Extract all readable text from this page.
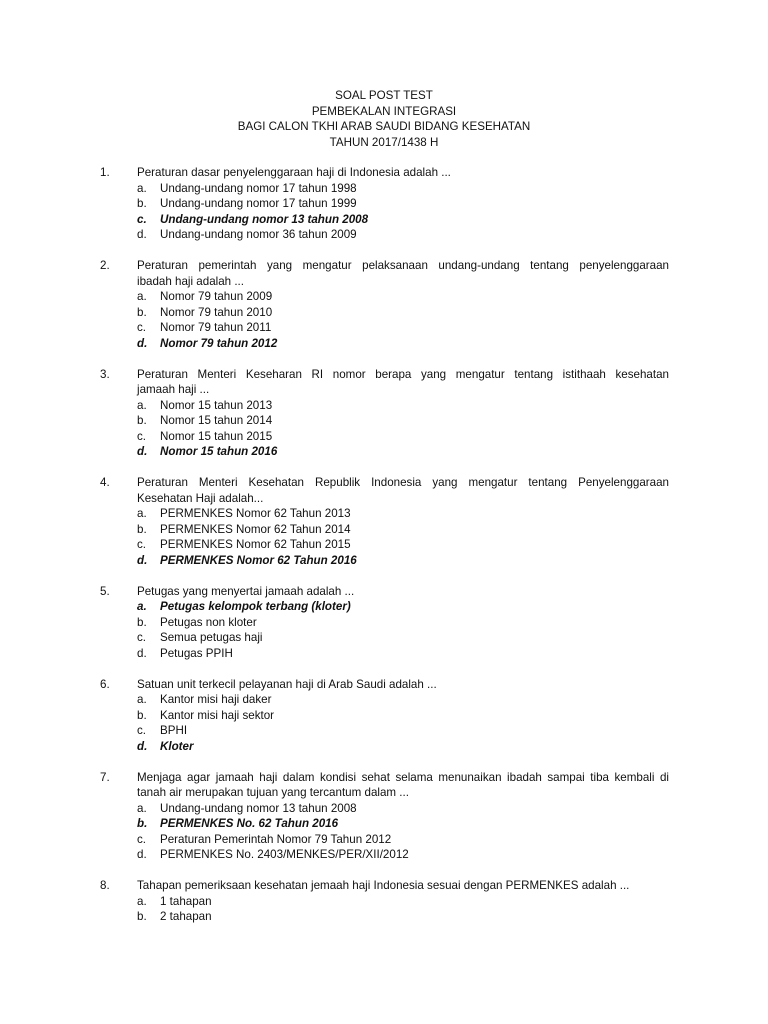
SOAL POST TEST
PEMBEKALAN INTEGRASI
BAGI CALON TKHI ARAB SAUDI BIDANG KESEHATAN
TAHUN 2017/1438 H
1.	Peraturan dasar penyelenggaraan haji di Indonesia adalah ...
a.	Undang-undang nomor 17 tahun 1998
b.	Undang-undang nomor 17 tahun 1999
c.	Undang-undang nomor 13 tahun 2008
d.	Undang-undang nomor 36 tahun 2009
2.	Peraturan pemerintah yang mengatur pelaksanaan undang-undang tentang penyelenggaraan
ibadah haji adalah ...
a.	Nomor 79 tahun 2009
b.	Nomor 79 tahun 2010
c.	Nomor 79 tahun 2011
d.	Nomor 79 tahun 2012
3.	Peraturan Menteri Keseharan RI nomor berapa yang mengatur tentang istithaah kesehatan
jamaah haji ...
a.	Nomor 15 tahun 2013
b.	Nomor 15 tahun 2014
c.	Nomor 15 tahun 2015
d.	Nomor 15 tahun 2016
4.	Peraturan Menteri Kesehatan Republik Indonesia yang mengatur tentang Penyelenggaraan
Kesehatan Haji adalah...
a.	PERMENKES Nomor 62 Tahun 2013
b.	PERMENKES Nomor 62 Tahun 2014
c.	PERMENKES Nomor 62 Tahun 2015
d.	PERMENKES Nomor 62 Tahun 2016
5.	Petugas yang menyertai jamaah adalah ...
a.	Petugas kelompok terbang (kloter)
b.	Petugas non kloter
c.	Semua petugas haji
d.	Petugas PPIH
6.	Satuan unit terkecil pelayanan haji di Arab Saudi adalah ...
a.	Kantor misi haji daker
b.	Kantor misi haji sektor
c.	BPHI
d.	Kloter
7.	Menjaga agar jamaah haji dalam kondisi sehat selama menunaikan ibadah sampai tiba kembali di
tanah air merupakan tujuan yang tercantum dalam ...
a.	Undang-undang nomor 13 tahun 2008
b.	PERMENKES No. 62 Tahun 2016
c.	Peraturan Pemerintah Nomor 79 Tahun 2012
d.	PERMENKES No. 2403/MENKES/PER/XII/2012
8.	Tahapan pemeriksaan kesehatan jemaah haji Indonesia sesuai dengan PERMENKES adalah ...
a.	1 tahapan
b.	2 tahapan
